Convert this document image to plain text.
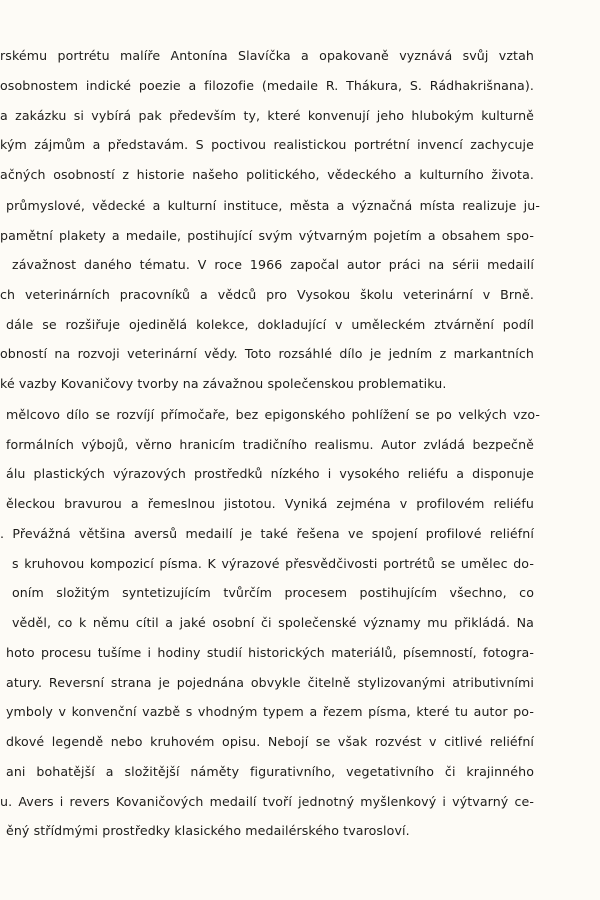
rskému portrétu malíře Antonína Slavíčka a opakovaně vyznává svůj vztah
osobnostem indické poezie a filozofie (medaile R. Thákura, S. Rádhakrišnana).
a zakázku si vybírá pak především ty, které konvenují jeho hlubokým kulturně
kým zájmům a představám. S poctivou realistickou portrétní invencí zachycuje
ačných osobností z historie našeho politického, vědeckého a kulturního života.
průmyslové, vědecké a kulturní instituce, města a význačná místa realizuje ju-
pamětní plakety a medaile, postihující svým výtvarným pojetím a obsahem spo-
závažnost daného tématu. V roce 1966 započal autor práci na sérii medailí
ch veterinárních pracovníků a vědců pro Vysokou školu veterinární v Brně.
dále se rozšiřuje ojedinělá kolekce, dokladující v uměleckém ztvárnění podíl
obností na rozvoji veterinární vědy. Toto rozsáhlé dílo je jedním z markantních
ké vazby Kovaničovy tvorby na závažnou společenskou problematiku.
mělcovo dílo se rozvíjí přímočaře, bez epigonského pohlížení se po velkých vzo-
formálních výbojů, věrno hranicím tradičního realismu. Autor zvládá bezpečně
álu plastických výrazových prostředků nízkého i vysokého reliéfu a disponuje
ěleckou bravurou a řemeslnou jistotou. Vyniká zejména v profilovém reliéfu
. Převážná většina aversů medailí je také řešena ve spojení profilové reliéfní
s kruhovou kompozicí písma. K výrazové přesvědčivosti portrétů se umělec do-
oním složitým syntetizujícím tvůrčím procesem postihujícím všechno, co
věděl, co k němu cítil a jaké osobní či společenské významy mu přikládá. Na
hoto procesu tušíme i hodiny studií historických materiálů, písemností, fotogra-
atury. Reversní strana je pojednána obvykle čitelně stylizovanými atributivními
ymboly v konvenční vazbě s vhodným typem a řezem písma, které tu autor po-
dkové legendě nebo kruhovém opisu. Nebojí se však rozvést v citlivé reliéfní
ani bohatější a složitější náměty figurativního, vegetativního či krajinného
u. Avers i revers Kovaničových medailí tvoří jednotný myšlenkový i výtvarný ce-
ěný střídmými prostředky klasického medailérského tvarosloví.
